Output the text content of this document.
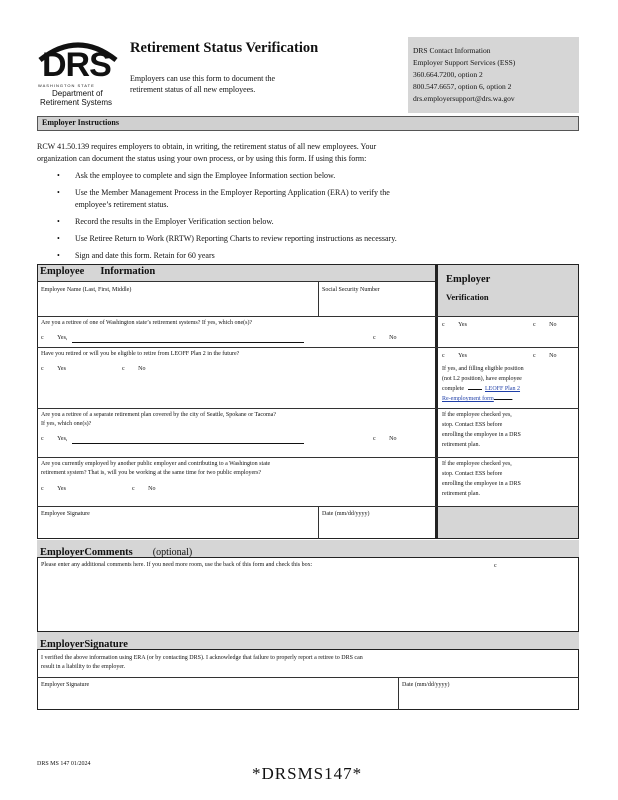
DRS
WASHINGTON STATE
Department of
Retirement Systems
Retirement Status Verification
Employers can use this form to document the
retirement status of all new employees.
DRS Contact Information
Employer Support Services (ESS)
360.664.7200, option 2
800.547.6657, option 6, option 2
drs.employersupport@drs.wa.gov
Employer Instructions
RCW 41.50.139 requires employers to obtain, in writing, the retirement status of all new employees. Your
organization can document the status using your own process, or by using this form. If using this form:
• Ask the employee to complete and sign the Employee Information section below.
• Use the Member Management Process in the Employer Reporting Application (ERA) to verify the
employee’s retirement status.
• Record the results in the Employer Verification section below.
• Use Retiree Return to Work (RRTW) Reporting Charts to review reporting instructions as necessary.
• Sign and date this form. Retain for 60 years
Employee Information
Employer
Verification
Employee Name (Last, First, Middle)	Social Security Number
Are you a retiree of one of Washington state’s retirement systems? If yes, which one(s)?
c Yes,	c No
c Yes	c No
Have you retired or will you be eligible to retire from LEOFF Plan 2 in the future?
c Yes	c No
c Yes	c No
If yes, and filling eligible position
(not L2 position), have employee
complete	LEOFF Plan 2
Re-employment form	.
Are you a retiree of a separate retirement plan covered by the city of Seattle, Spokane or Tacoma?
If yes, which one(s)?
c Yes,	c No
If the employee checked yes,
stop. Contact ESS before
enrolling the employee in a DRS
retirement plan.
Are you currently employed by another public employer and contributing to a Washington state
retirement system? That is, will you be working at the same time for two public employers?
c Yes	c No
If the employee checked yes,
stop. Contact ESS before
enrolling the employee in a DRS
retirement plan.
Employee Signature	Date (mm/dd/yyyy)
EmployerComments (optional)
Please enter any additional comments here. If you need more room, use the back of this form and check this box:	c
EmployerSignature
I verified the above information using ERA (or by contacting DRS). I acknowledge that failure to properly report a retiree to DRS can
result in a liability to the employer.
Employer Signature	Date (mm/dd/yyyy)
DRS MS 147 01/2024	*DRSMS147*
